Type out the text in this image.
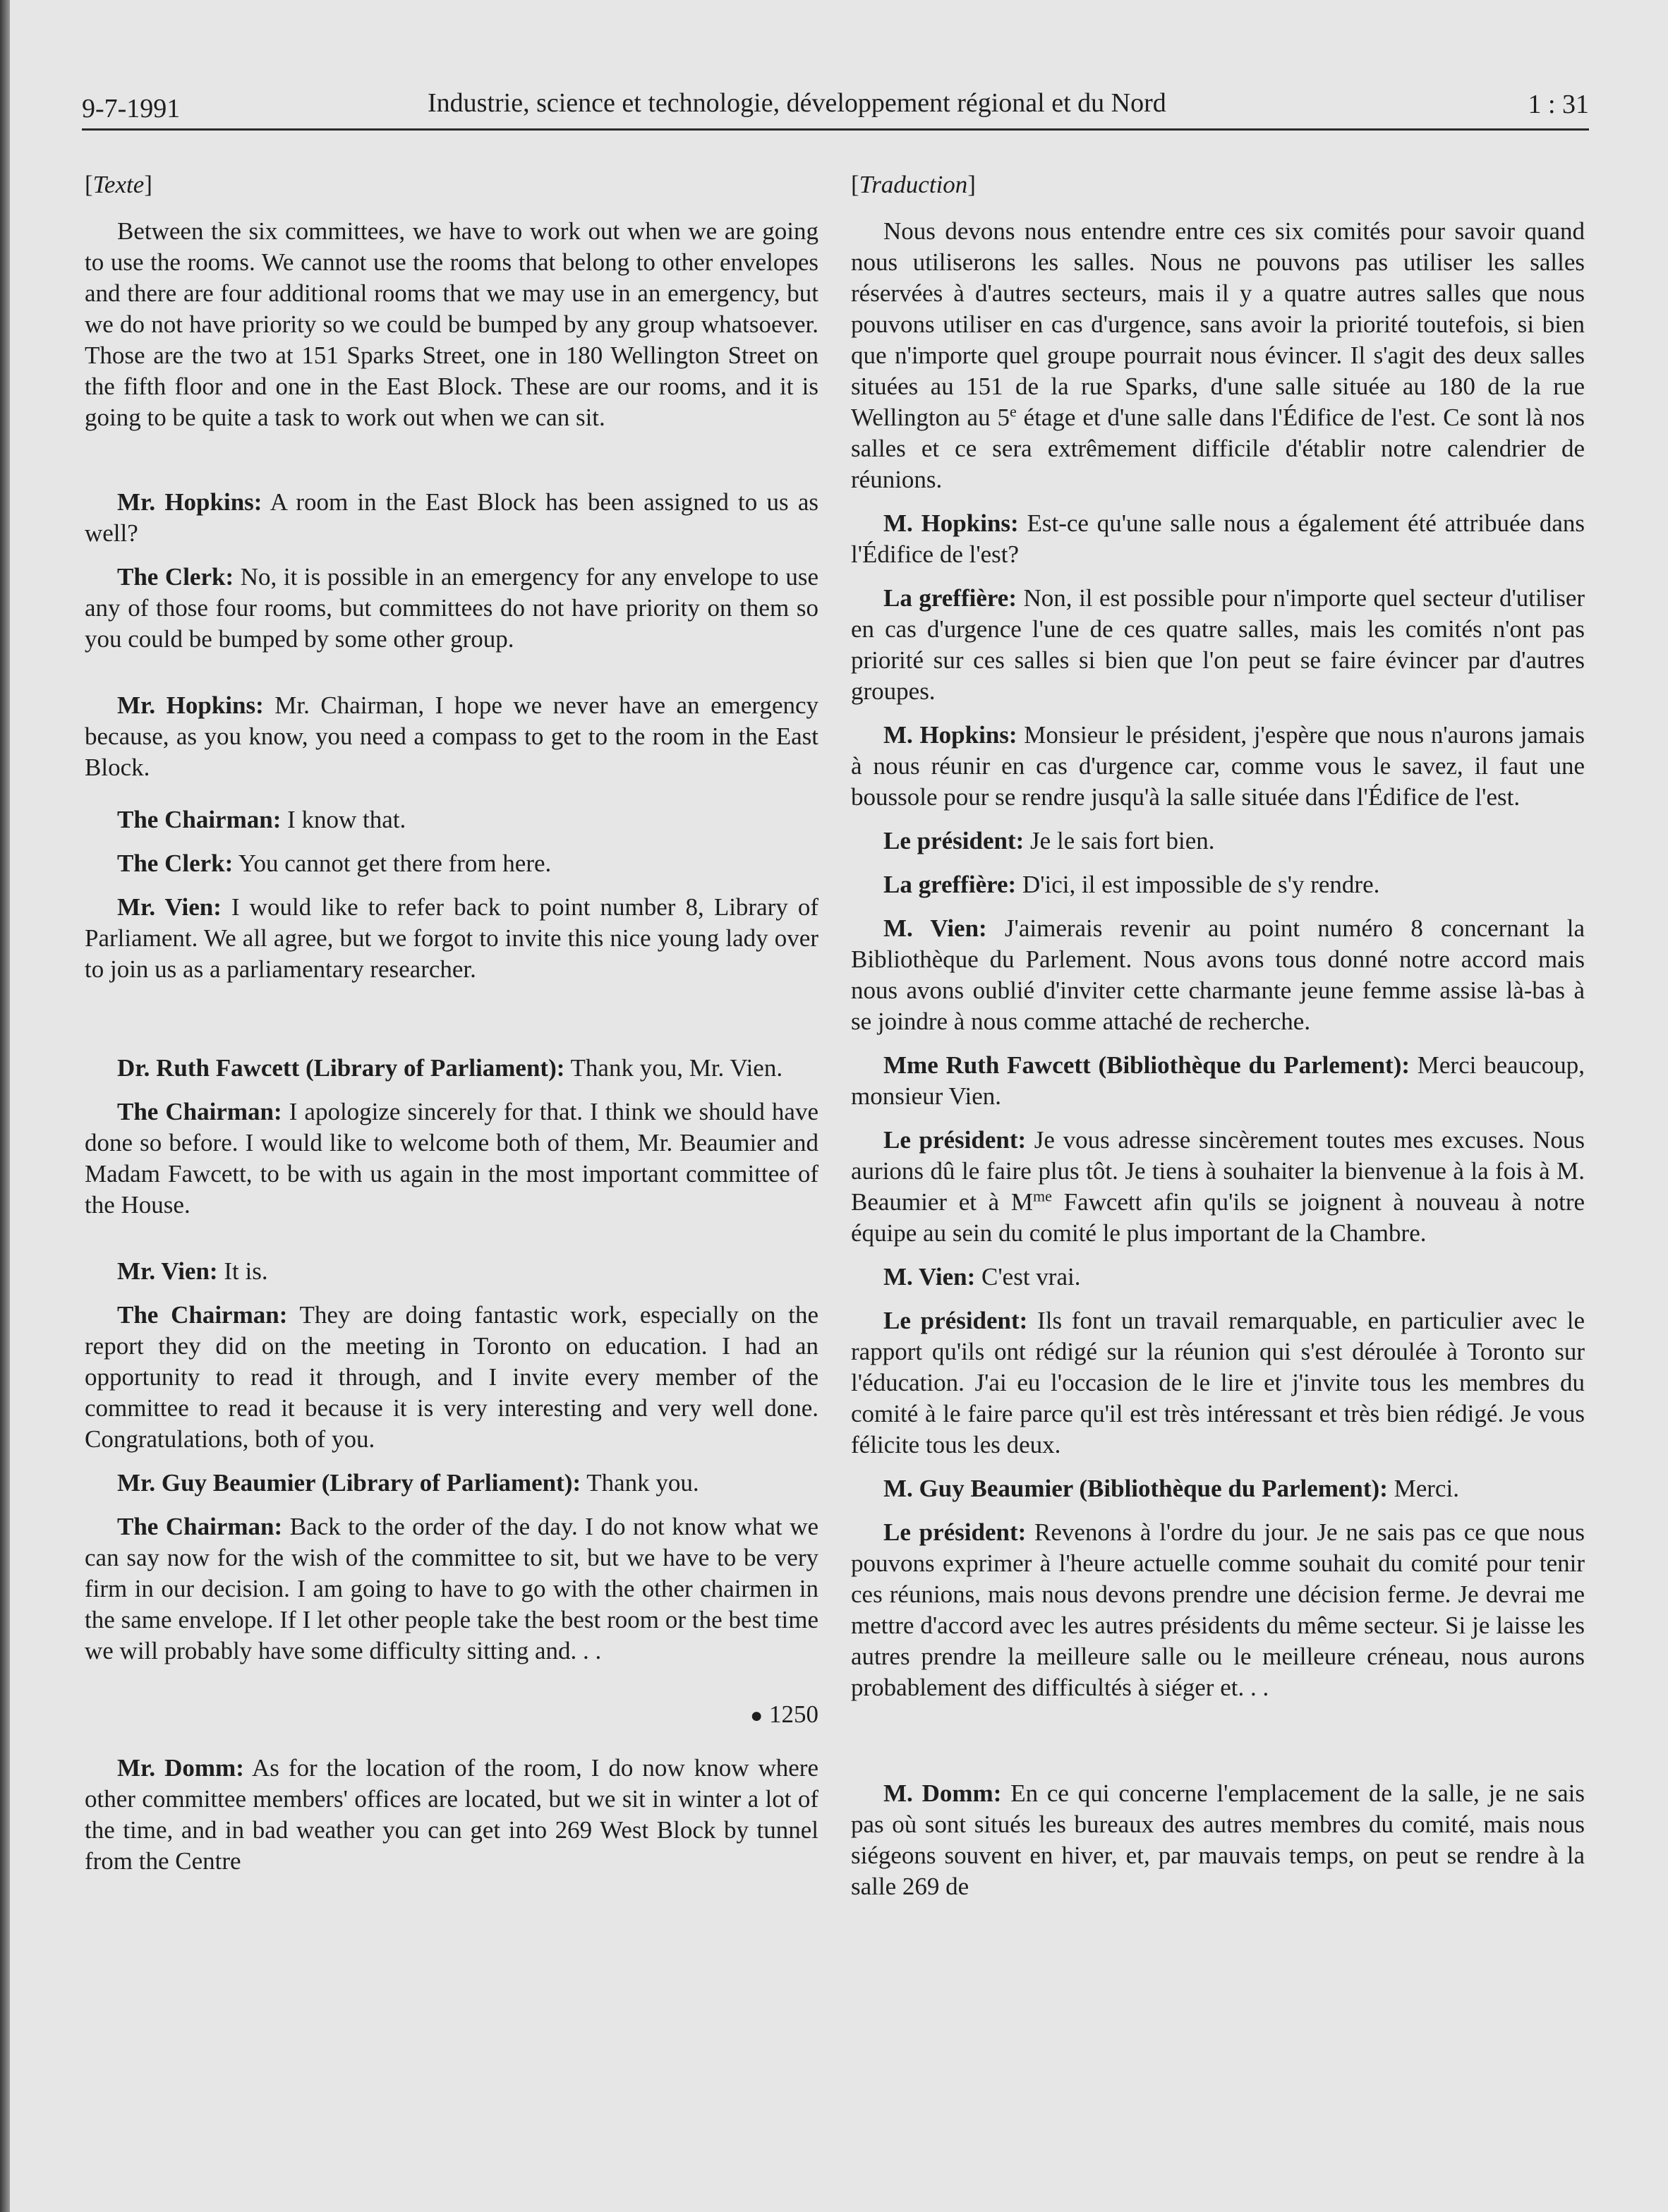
9-7-1991	Industrie, science et technologie, développement régional et du Nord	1 : 31

[Texte]

Between the six committees, we have to work out when we are going to use the rooms. We cannot use the rooms that belong to other envelopes and there are four additional rooms that we may use in an emergency, but we do not have priority so we could be bumped by any group whatsoever. Those are the two at 151 Sparks Street, one in 180 Wellington Street on the fifth floor and one in the East Block. These are our rooms, and it is going to be quite a task to work out when we can sit.

Mr. Hopkins: A room in the East Block has been assigned to us as well?

The Clerk: No, it is possible in an emergency for any envelope to use any of those four rooms, but committees do not have priority on them so you could be bumped by some other group.

Mr. Hopkins: Mr. Chairman, I hope we never have an emergency because, as you know, you need a compass to get to the room in the East Block.

The Chairman: I know that.

The Clerk: You cannot get there from here.

Mr. Vien: I would like to refer back to point number 8, Library of Parliament. We all agree, but we forgot to invite this nice young lady over to join us as a parliamentary researcher.

Dr. Ruth Fawcett (Library of Parliament): Thank you, Mr. Vien.

The Chairman: I apologize sincerely for that. I think we should have done so before. I would like to welcome both of them, Mr. Beaumier and Madam Fawcett, to be with us again in the most important committee of the House.

Mr. Vien: It is.

The Chairman: They are doing fantastic work, especially on the report they did on the meeting in Toronto on education. I had an opportunity to read it through, and I invite every member of the committee to read it because it is very interesting and very well done. Congratulations, both of you.

Mr. Guy Beaumier (Library of Parliament): Thank you.

The Chairman: Back to the order of the day. I do not know what we can say now for the wish of the committee to sit, but we have to be very firm in our decision. I am going to have to go with the other chairmen in the same envelope. If I let other people take the best room or the best time we will probably have some difficulty sitting and. . .

● 1250

Mr. Domm: As for the location of the room, I do now know where other committee members' offices are located, but we sit in winter a lot of the time, and in bad weather you can get into 269 West Block by tunnel from the Centre

[Traduction]

Nous devons nous entendre entre ces six comités pour savoir quand nous utiliserons les salles. Nous ne pouvons pas utiliser les salles réservées à d'autres secteurs, mais il y a quatre autres salles que nous pouvons utiliser en cas d'urgence, sans avoir la priorité toutefois, si bien que n'importe quel groupe pourrait nous évincer. Il s'agit des deux salles situées au 151 de la rue Sparks, d'une salle située au 180 de la rue Wellington au 5e étage et d'une salle dans l'Édifice de l'est. Ce sont là nos salles et ce sera extrêmement difficile d'établir notre calendrier de réunions.

M. Hopkins: Est-ce qu'une salle nous a également été attribuée dans l'Édifice de l'est?

La greffière: Non, il est possible pour n'importe quel secteur d'utiliser en cas d'urgence l'une de ces quatre salles, mais les comités n'ont pas priorité sur ces salles si bien que l'on peut se faire évincer par d'autres groupes.

M. Hopkins: Monsieur le président, j'espère que nous n'aurons jamais à nous réunir en cas d'urgence car, comme vous le savez, il faut une boussole pour se rendre jusqu'à la salle située dans l'Édifice de l'est.

Le président: Je le sais fort bien.

La greffière: D'ici, il est impossible de s'y rendre.

M. Vien: J'aimerais revenir au point numéro 8 concernant la Bibliothèque du Parlement. Nous avons tous donné notre accord mais nous avons oublié d'inviter cette charmante jeune femme assise là-bas à se joindre à nous comme attaché de recherche.

Mme Ruth Fawcett (Bibliothèque du Parlement): Merci beaucoup, monsieur Vien.

Le président: Je vous adresse sincèrement toutes mes excuses. Nous aurions dû le faire plus tôt. Je tiens à souhaiter la bienvenue à la fois à M. Beaumier et à $M^{me}$ Fawcett afin qu'ils se joignent à nouveau à notre équipe au sein du comité le plus important de la Chambre.

M. Vien: C'est vrai.

Le président: Ils font un travail remarquable, en particulier avec le rapport qu'ils ont rédigé sur la réunion qui s'est déroulée à Toronto sur l'éducation. J'ai eu l'occasion de le lire et j'invite tous les membres du comité à le faire parce qu'il est très intéressant et très bien rédigé. Je vous félicite tous les deux.

M. Guy Beaumier (Bibliothèque du Parlement): Merci.

Le président: Revenons à l'ordre du jour. Je ne sais pas ce que nous pouvons exprimer à l'heure actuelle comme souhait du comité pour tenir ces réunions, mais nous devons prendre une décision ferme. Je devrai me mettre d'accord avec les autres présidents du même secteur. Si je laisse les autres prendre la meilleure salle ou le meilleure créneau, nous aurons probablement des difficultés à siéger et. . .

M. Domm: En ce qui concerne l'emplacement de la salle, je ne sais pas où sont situés les bureaux des autres membres du comité, mais nous siégeons souvent en hiver, et, par mauvais temps, on peut se rendre à la salle 269 de
